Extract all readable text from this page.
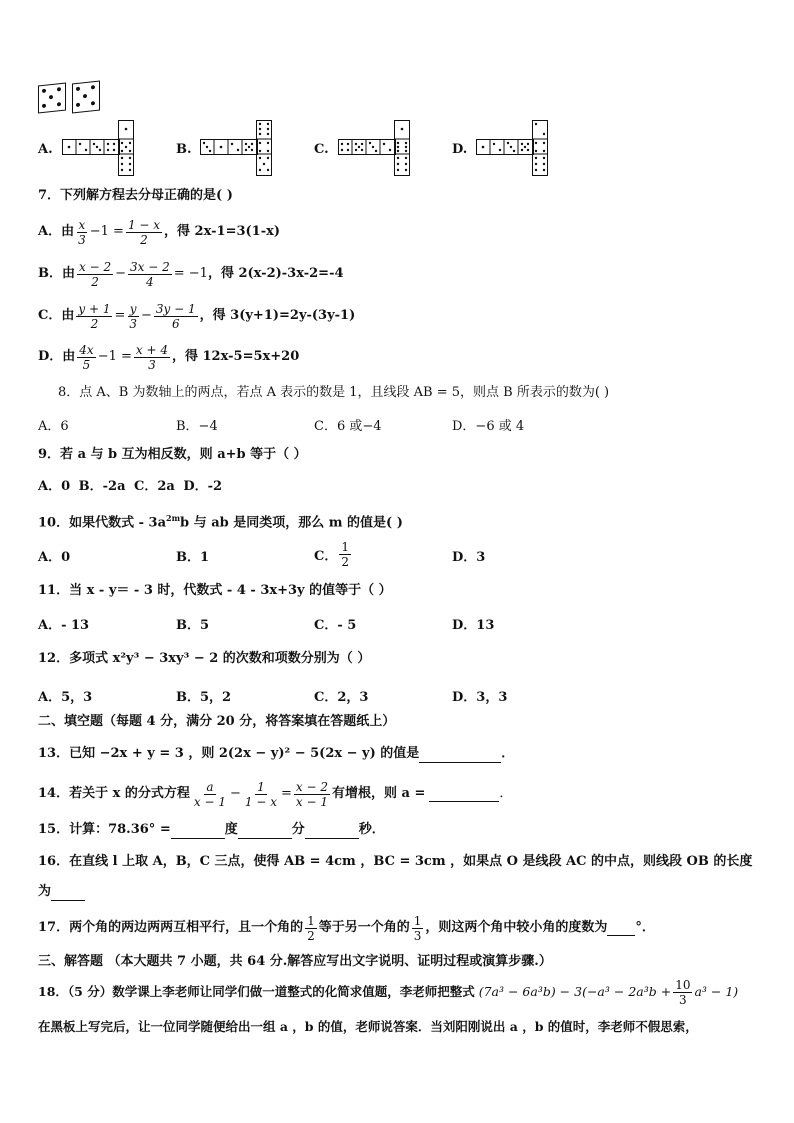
A.	B.	C.	D.
7．下列解方程去分母正确的是( )
A．由 $\frac{x}{3} -1 = \frac{1 - x}{2}$ ，得 2x-1=3(1-x)
B．由 $\frac{x - 2}{2} - \frac{3x - 2}{4} = -1$ ，得 2(x-2)-3x-2=-4
C．由 $\frac{y + 1}{2} = \frac{y}{3} - \frac{3y - 1}{6}$ ，得 3(y+1)=2y-(3y-1)
D．由 $\frac{4x}{5} -1 = \frac{x + 4}{3}$ ，得 12x-5=5x+20
8．点 A、B 为数轴上的两点，若点 A 表示的数是 1，且线段 AB = 5，则点 B 所表示的数为( )
A．6	B．−4	C．6 或−4	D．−6 或 4
9．若 a 与 b 互为相反数，则 a+b 等于（ ）
A．0 B．-2a C．2a D．-2
10．如果代数式 - $3a^{2m}b$ 与 ab 是同类项，那么 m 的值是( )
A．0	B．1	C． $\frac{1}{2}$	D．3
11．当 x - y＝ - 3 时，代数式 - 4 - 3x+3y 的值等于（ ）
A．- 13	B．5	C．- 5	D．13
12．多项式 x²y³ − 3xy³ − 2 的次数和项数分别为（ ）
A．5，3	B．5，2	C．2，3	D．3，3
二、填空题（每题 4 分，满分 20 分，将答案填在答题纸上）
13．已知 −2x + y = 3 ，则 2(2x − y)² − 5(2x − y) 的值是	．
14．若关于 x 的分式方程 $\frac{a}{x - 1} - \frac{1}{1 - x} = \frac{x - 2}{x - 1}$ 有增根，则 a =	．
15．计算：78.36° =	度	分	秒．
16．在直线 l 上取 A，B，C 三点，使得 AB = 4cm ，BC = 3cm ，如果点 O 是线段 AC 的中点，则线段 OB 的长度
为
17．两个角的两边两两互相平行，且一个角的 $\frac{1}{2}$ 等于另一个角的 $\frac{1}{3}$ ，则这两个角中较小角的度数为 °．
三、解答题 （本大题共 7 小题，共 64 分.解答应写出文字说明、证明过程或演算步骤.）
18．（5 分）数学课上李老师让同学们做一道整式的化简求值题，李老师把整式 $(7a^3 - 6a^3b) - 3(-a^3 - 2a^3b + \frac{10}{3} a^3 - 1)$
在黑板上写完后，让一位同学随便给出一组 a ，b 的值，老师说答案．当刘阳刚说出 a ，b 的值时，李老师不假思索，
